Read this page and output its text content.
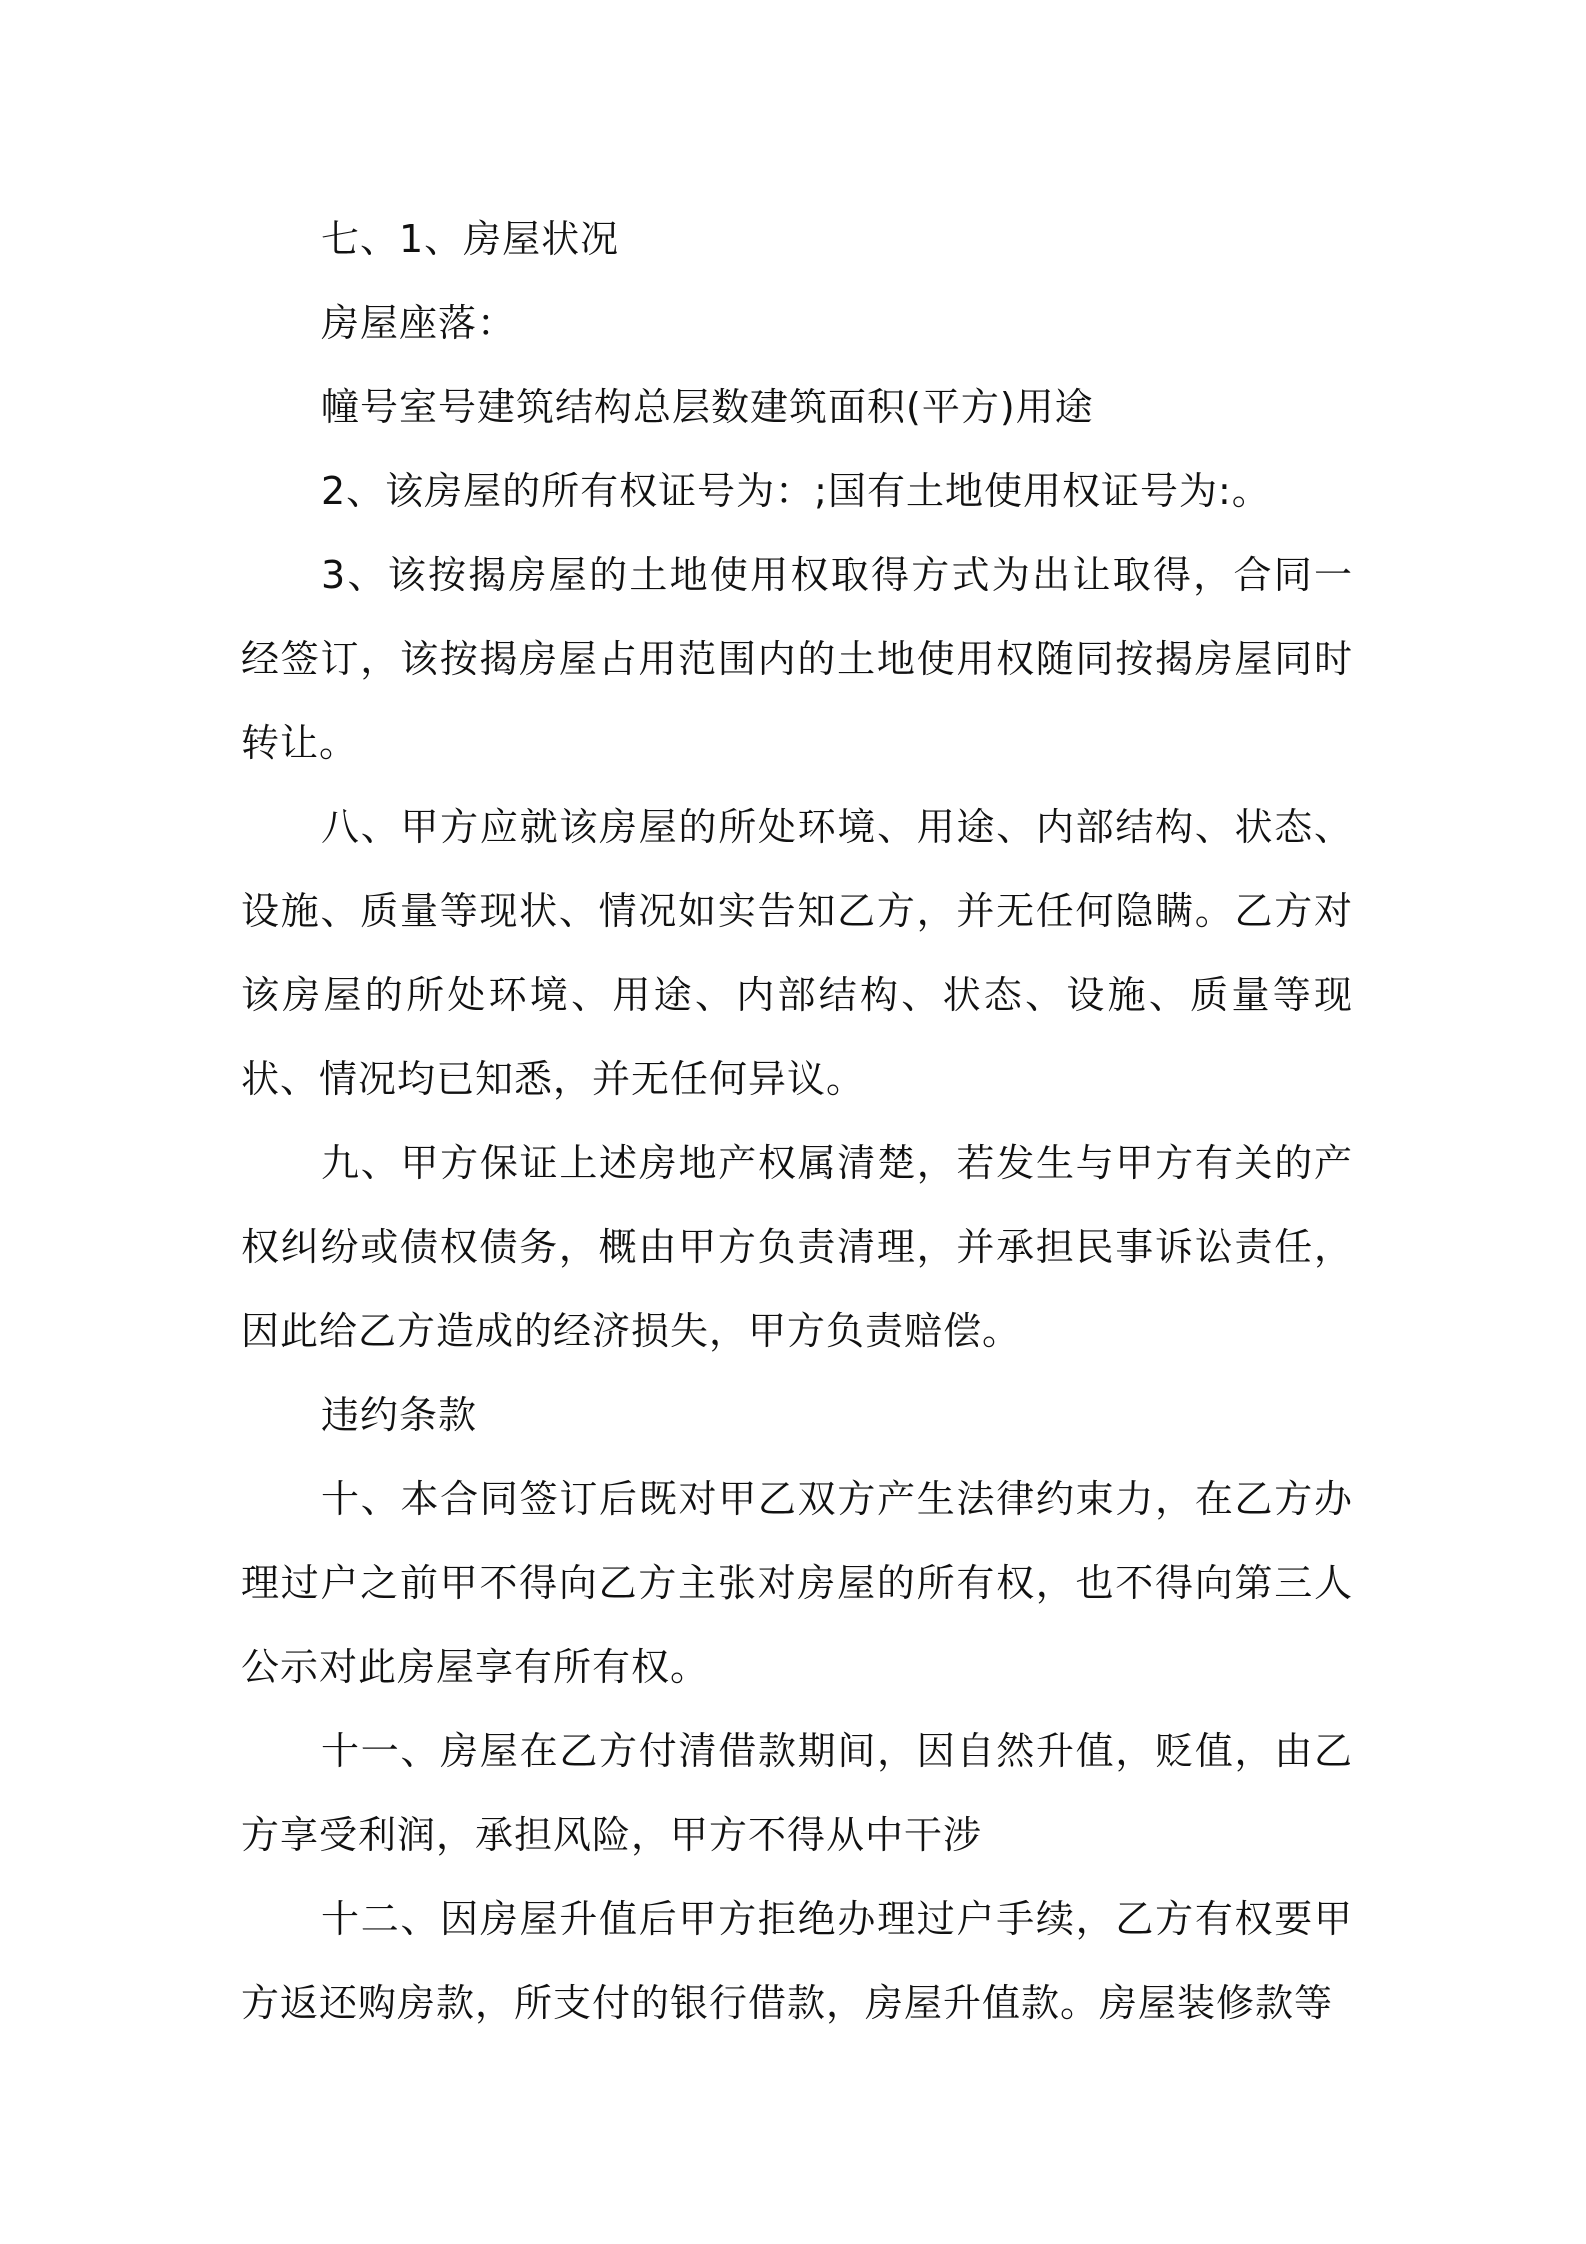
七、1、房屋状况

房屋座落：

幢号室号建筑结构总层数建筑面积(平方)用途

2、该房屋的所有权证号为：;国有土地使用权证号为:。

3、该按揭房屋的土地使用权取得方式为出让取得，合同一经签订，该按揭房屋占用范围内的土地使用权随同按揭房屋同时转让。

八、甲方应就该房屋的所处环境、用途、内部结构、状态、设施、质量等现状、情况如实告知乙方，并无任何隐瞒。乙方对该房屋的所处环境、用途、内部结构、状态、设施、质量等现状、情况均已知悉，并无任何异议。

九、甲方保证上述房地产权属清楚，若发生与甲方有关的产权纠纷或债权债务，概由甲方负责清理，并承担民事诉讼责任，因此给乙方造成的经济损失，甲方负责赔偿。

违约条款

十、本合同签订后既对甲乙双方产生法律约束力，在乙方办理过户之前甲不得向乙方主张对房屋的所有权，也不得向第三人公示对此房屋享有所有权。

十一、房屋在乙方付清借款期间，因自然升值，贬值，由乙方享受利润，承担风险，甲方不得从中干涉

十二、因房屋升值后甲方拒绝办理过户手续，乙方有权要甲方返还购房款，所支付的银行借款，房屋升值款。房屋装修款等
